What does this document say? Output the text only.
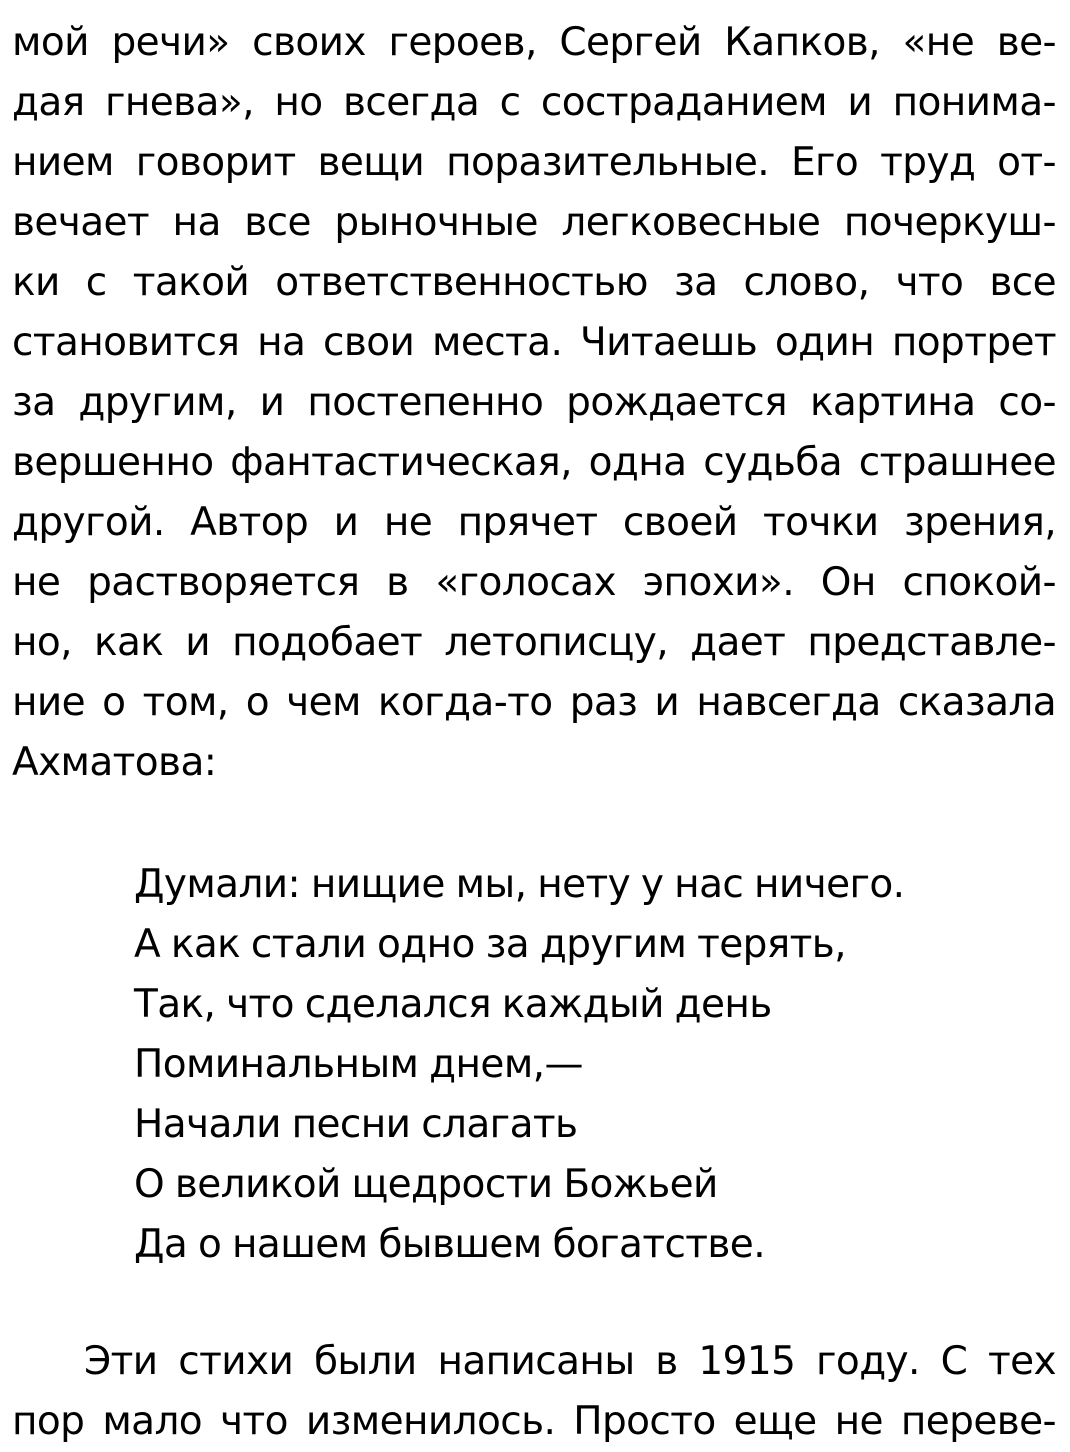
мой речи» своих героев, Сергей Капков, «не ве-
дая гнева», но всегда с состраданием и понима-
нием говорит вещи поразительные. Его труд от-
вечает на все рыночные легковесные почеркуш-
ки с такой ответственностью за слово, что все
становится на свои места. Читаешь один портрет
за другим, и постепенно рождается картина со-
вершенно фантастическая, одна судьба страшнее
другой. Автор и не прячет своей точки зрения,
не растворяется в «голосах эпохи». Он спокой-
но, как и подобает летописцу, дает представле-
ние о том, о чем когда-то раз и навсегда сказала
Ахматова:
Думали: нищие мы, нету у нас ничего.
А как стали одно за другим терять,
Так, что сделался каждый день
Поминальным днем,—
Начали песни слагать
О великой щедрости Божьей
Да о нашем бывшем богатстве.
Эти стихи были написаны в 1915 году. С тех
пор мало что изменилось. Просто еще не переве-
